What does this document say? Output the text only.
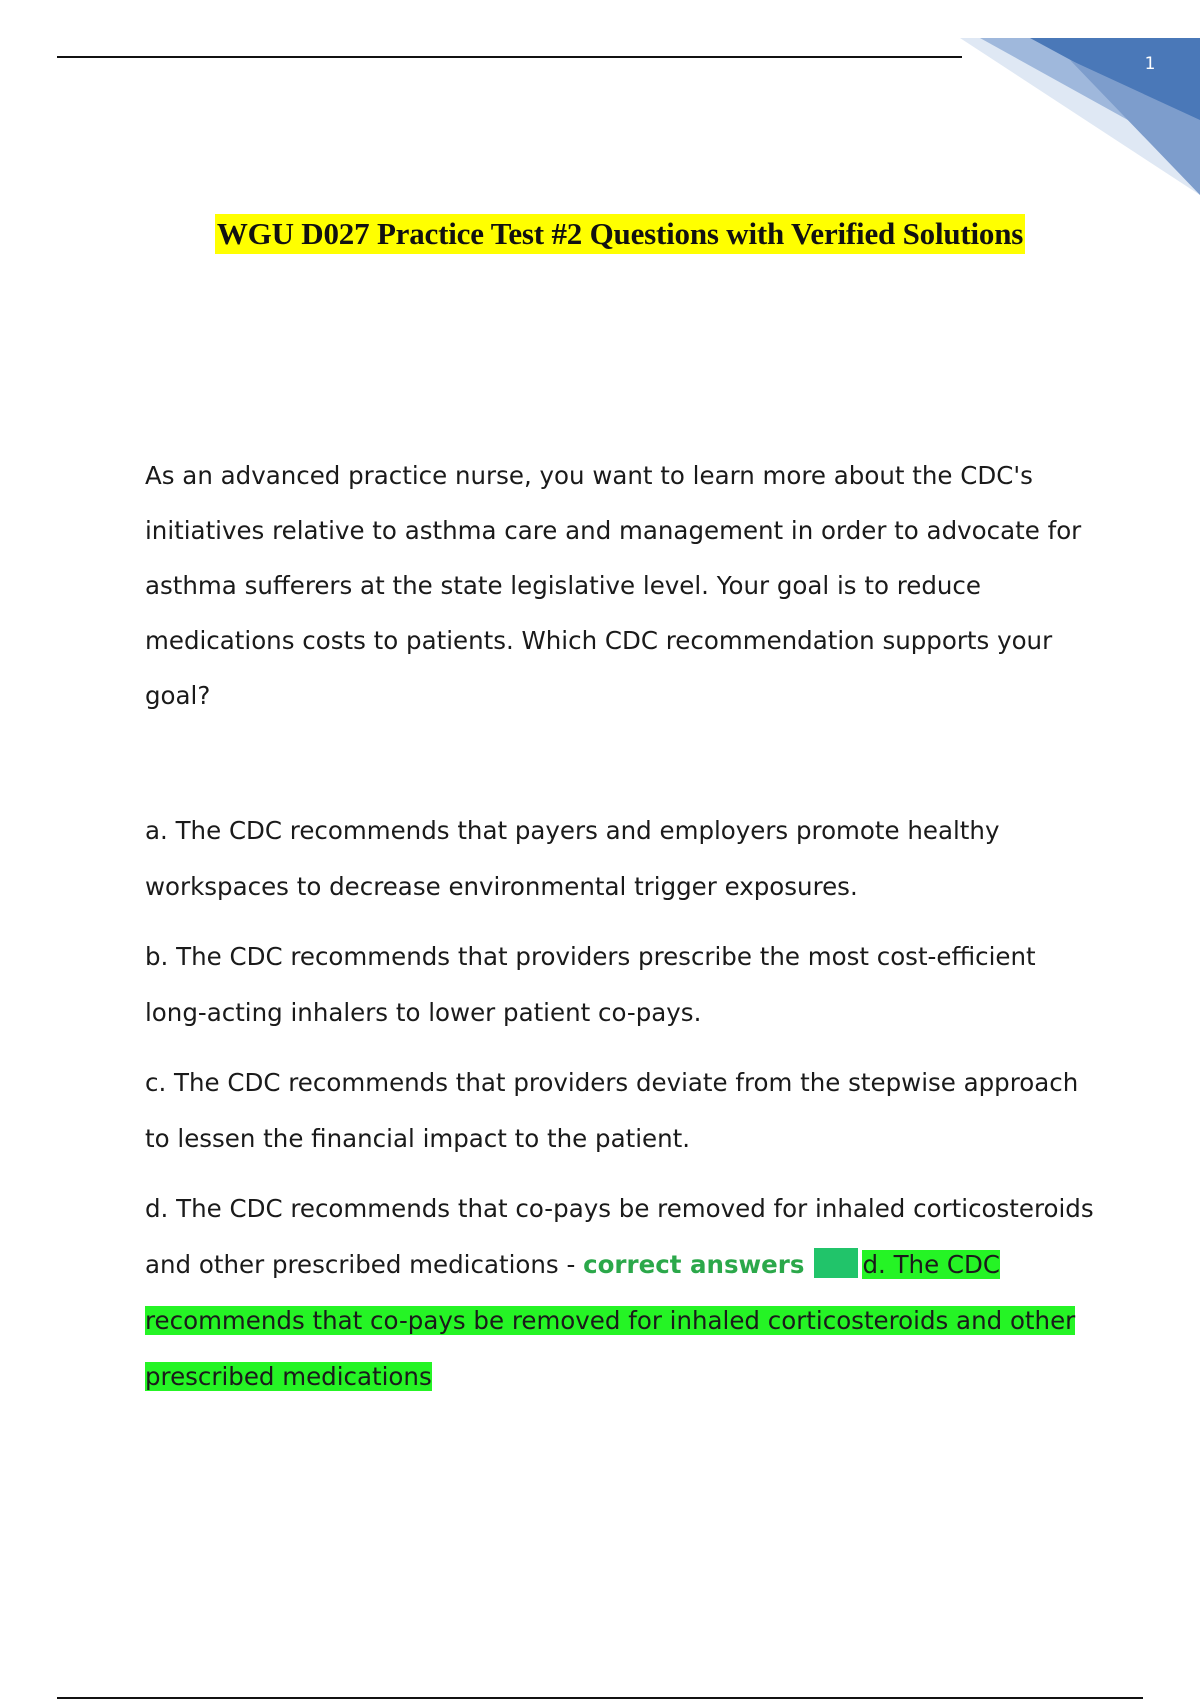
1
WGU D027 Practice Test #2 Questions with Verified Solutions

As an advanced practice nurse, you want to learn more about the CDC's initiatives relative to asthma care and management in order to advocate for asthma sufferers at the state legislative level. Your goal is to reduce medications costs to patients. Which CDC recommendation supports your goal?

a. The CDC recommends that payers and employers promote healthy workspaces to decrease environmental trigger exposures.

b. The CDC recommends that providers prescribe the most cost-efficient long-acting inhalers to lower patient co-pays.

c. The CDC recommends that providers deviate from the stepwise approach to lessen the financial impact to the patient.

d. The CDC recommends that co-pays be removed for inhaled corticosteroids and other prescribed medications - correct answers d. The CDC recommends that co-pays be removed for inhaled corticosteroids and other prescribed medications
